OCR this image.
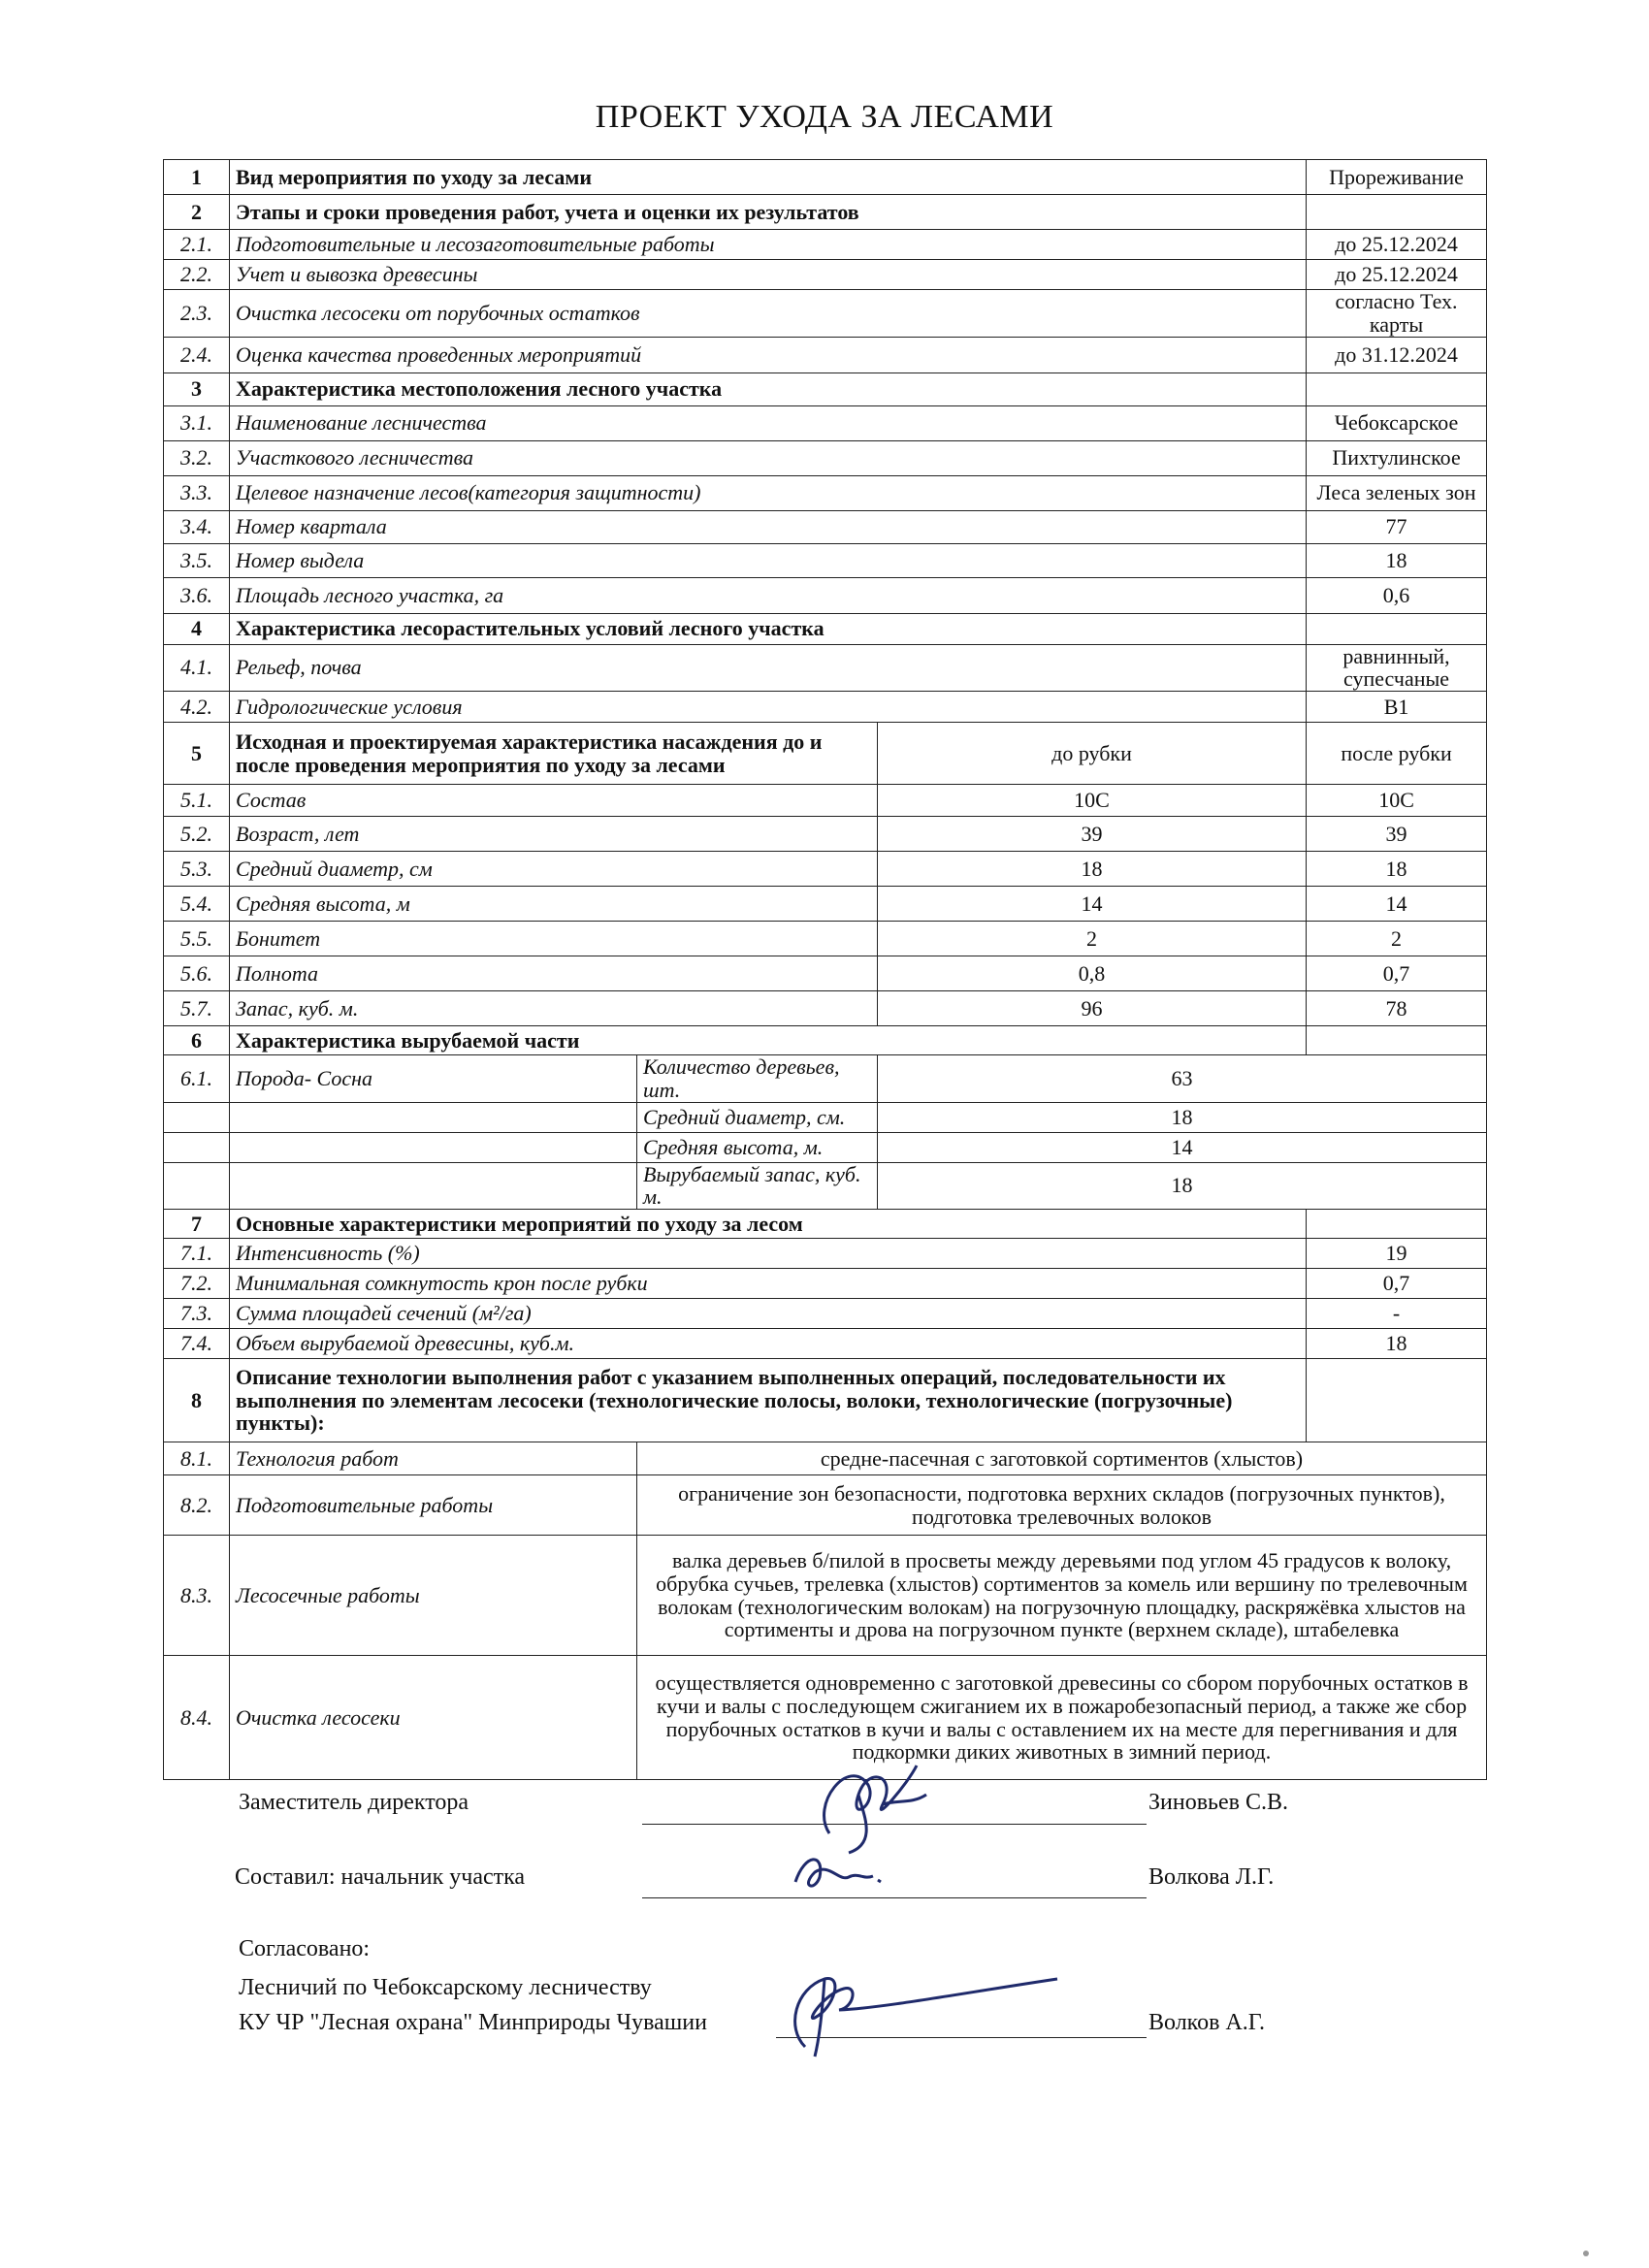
ПРОЕКТ УХОДА ЗА ЛЕСАМИ
1	Вид мероприятия по уходу за лесами			Прореживание
2	Этапы и сроки проведения работ, учета и оценки их результатов			
2.1.	Подготовительные и лесозаготовительные работы			до 25.12.2024
2.2.	Учет и вывозка древесины			до 25.12.2024
2.3.	Очистка лесосеки от порубочных остатков			согласно Тех. карты
2.4.	Оценка качества проведенных мероприятий			до 31.12.2024
3	Характеристика местоположения лесного участка			
3.1.	Наименование лесничества			Чебоксарское
3.2.	Участкового лесничества			Пихтулинское
3.3.	Целевое назначение лесов(категория защитности)			Леса зеленых зон
3.4.	Номер квартала			77
3.5.	Номер выдела			18
3.6.	Площадь лесного участка, га			0,6
4	Характеристика лесорастительных условий лесного участка			
4.1.	Рельеф, почва			равнинный, супесчаные
4.2.	Гидрологические условия			В1
5	Исходная и проектируемая характеристика насаждения до и после проведения мероприятия по уходу за лесами		до рубки	после рубки
5.1.	Состав		10С	10С
5.2.	Возраст, лет		39	39
5.3.	Средний диаметр, см		18	18
5.4.	Средняя высота, м		14	14
5.5.	Бонитет		2	2
5.6.	Полнота		0,8	0,7
5.7.	Запас, куб. м.		96	78
6	Характеристика вырубаемой части			
6.1.	Порода- Сосна	Количество деревьев, шт.	63	
		Средний диаметр, см.	18	
		Средняя высота, м.	14	
		Вырубаемый запас, куб. м.	18	
7	Основные характеристики мероприятий по уходу за лесом			
7.1.	Интенсивность (%)			19
7.2.	Минимальная сомкнутость крон после рубки			0,7
7.3.	Сумма площадей сечений (м²/га)			-
7.4.	Объем вырубаемой древесины, куб.м.			18
8	Описание технологии выполнения работ с указанием выполненных операций, последовательности их выполнения по элементам лесосеки (технологические полосы, волоки, технологические (погрузочные) пункты):			
8.1.	Технология работ	средне-пасечная с заготовкой сортиментов (хлыстов)		
8.2.	Подготовительные работы	ограничение зон безопасности, подготовка верхних складов (погрузочных пунктов), подготовка трелевочных волоков		
8.3.	Лесосечные работы	валка деревьев б/пилой в просветы между деревьями под углом 45 градусов к волоку, обрубка сучьев, трелевка (хлыстов) сортиментов за комель или вершину по трелевочным волокам (технологическим волокам) на погрузочную площадку, раскряжёвка хлыстов на сортименты и дрова на погрузочном пункте (верхнем складе), штабелевка		
8.4.	Очистка лесосеки	осуществляется одновременно с заготовкой древесины со сбором порубочных остатков в кучи и валы с последующем сжиганием их в пожаробезопасный период, а также же сбор порубочных остатков в кучи и валы с оставлением их на месте для перегнивания и для подкормки диких животных в зимний период.		
Заместитель директора	Зиновьев С.В.
Составил: начальник участка	Волкова Л.Г.
Согласовано:
Лесничий по Чебоксарскому лесничеству
КУ ЧР "Лесная охрана" Минприроды Чувашии	Волков А.Г.
